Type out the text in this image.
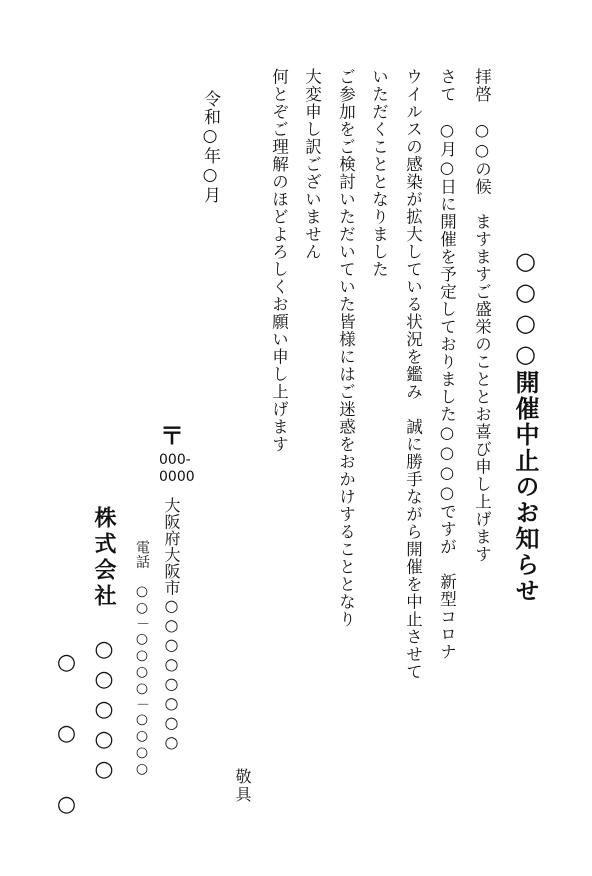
○○○○開催中止のお知らせ
拝啓　○○の候　ますますご盛栄のこととお喜び申し上げます
さて　○月○日に開催を予定しておりました○○○○ですが　新型コロナ
ウイルスの感染が拡大している状況を鑑み　誠に勝手ながら開催を中止させて
いただくこととなりました
ご参加をご検討いただいていた皆様にはご迷惑をおかけすることとなり
大変申し訳ございません
何とぞご理解のほどよろしくお願い申し上げます
敬具
令和○年○月
〒
000-
0000
大阪府大阪市○○○○○○○○
電話　○○－○○○○－○○○○
株式会社　○○○○○
○　○　○
